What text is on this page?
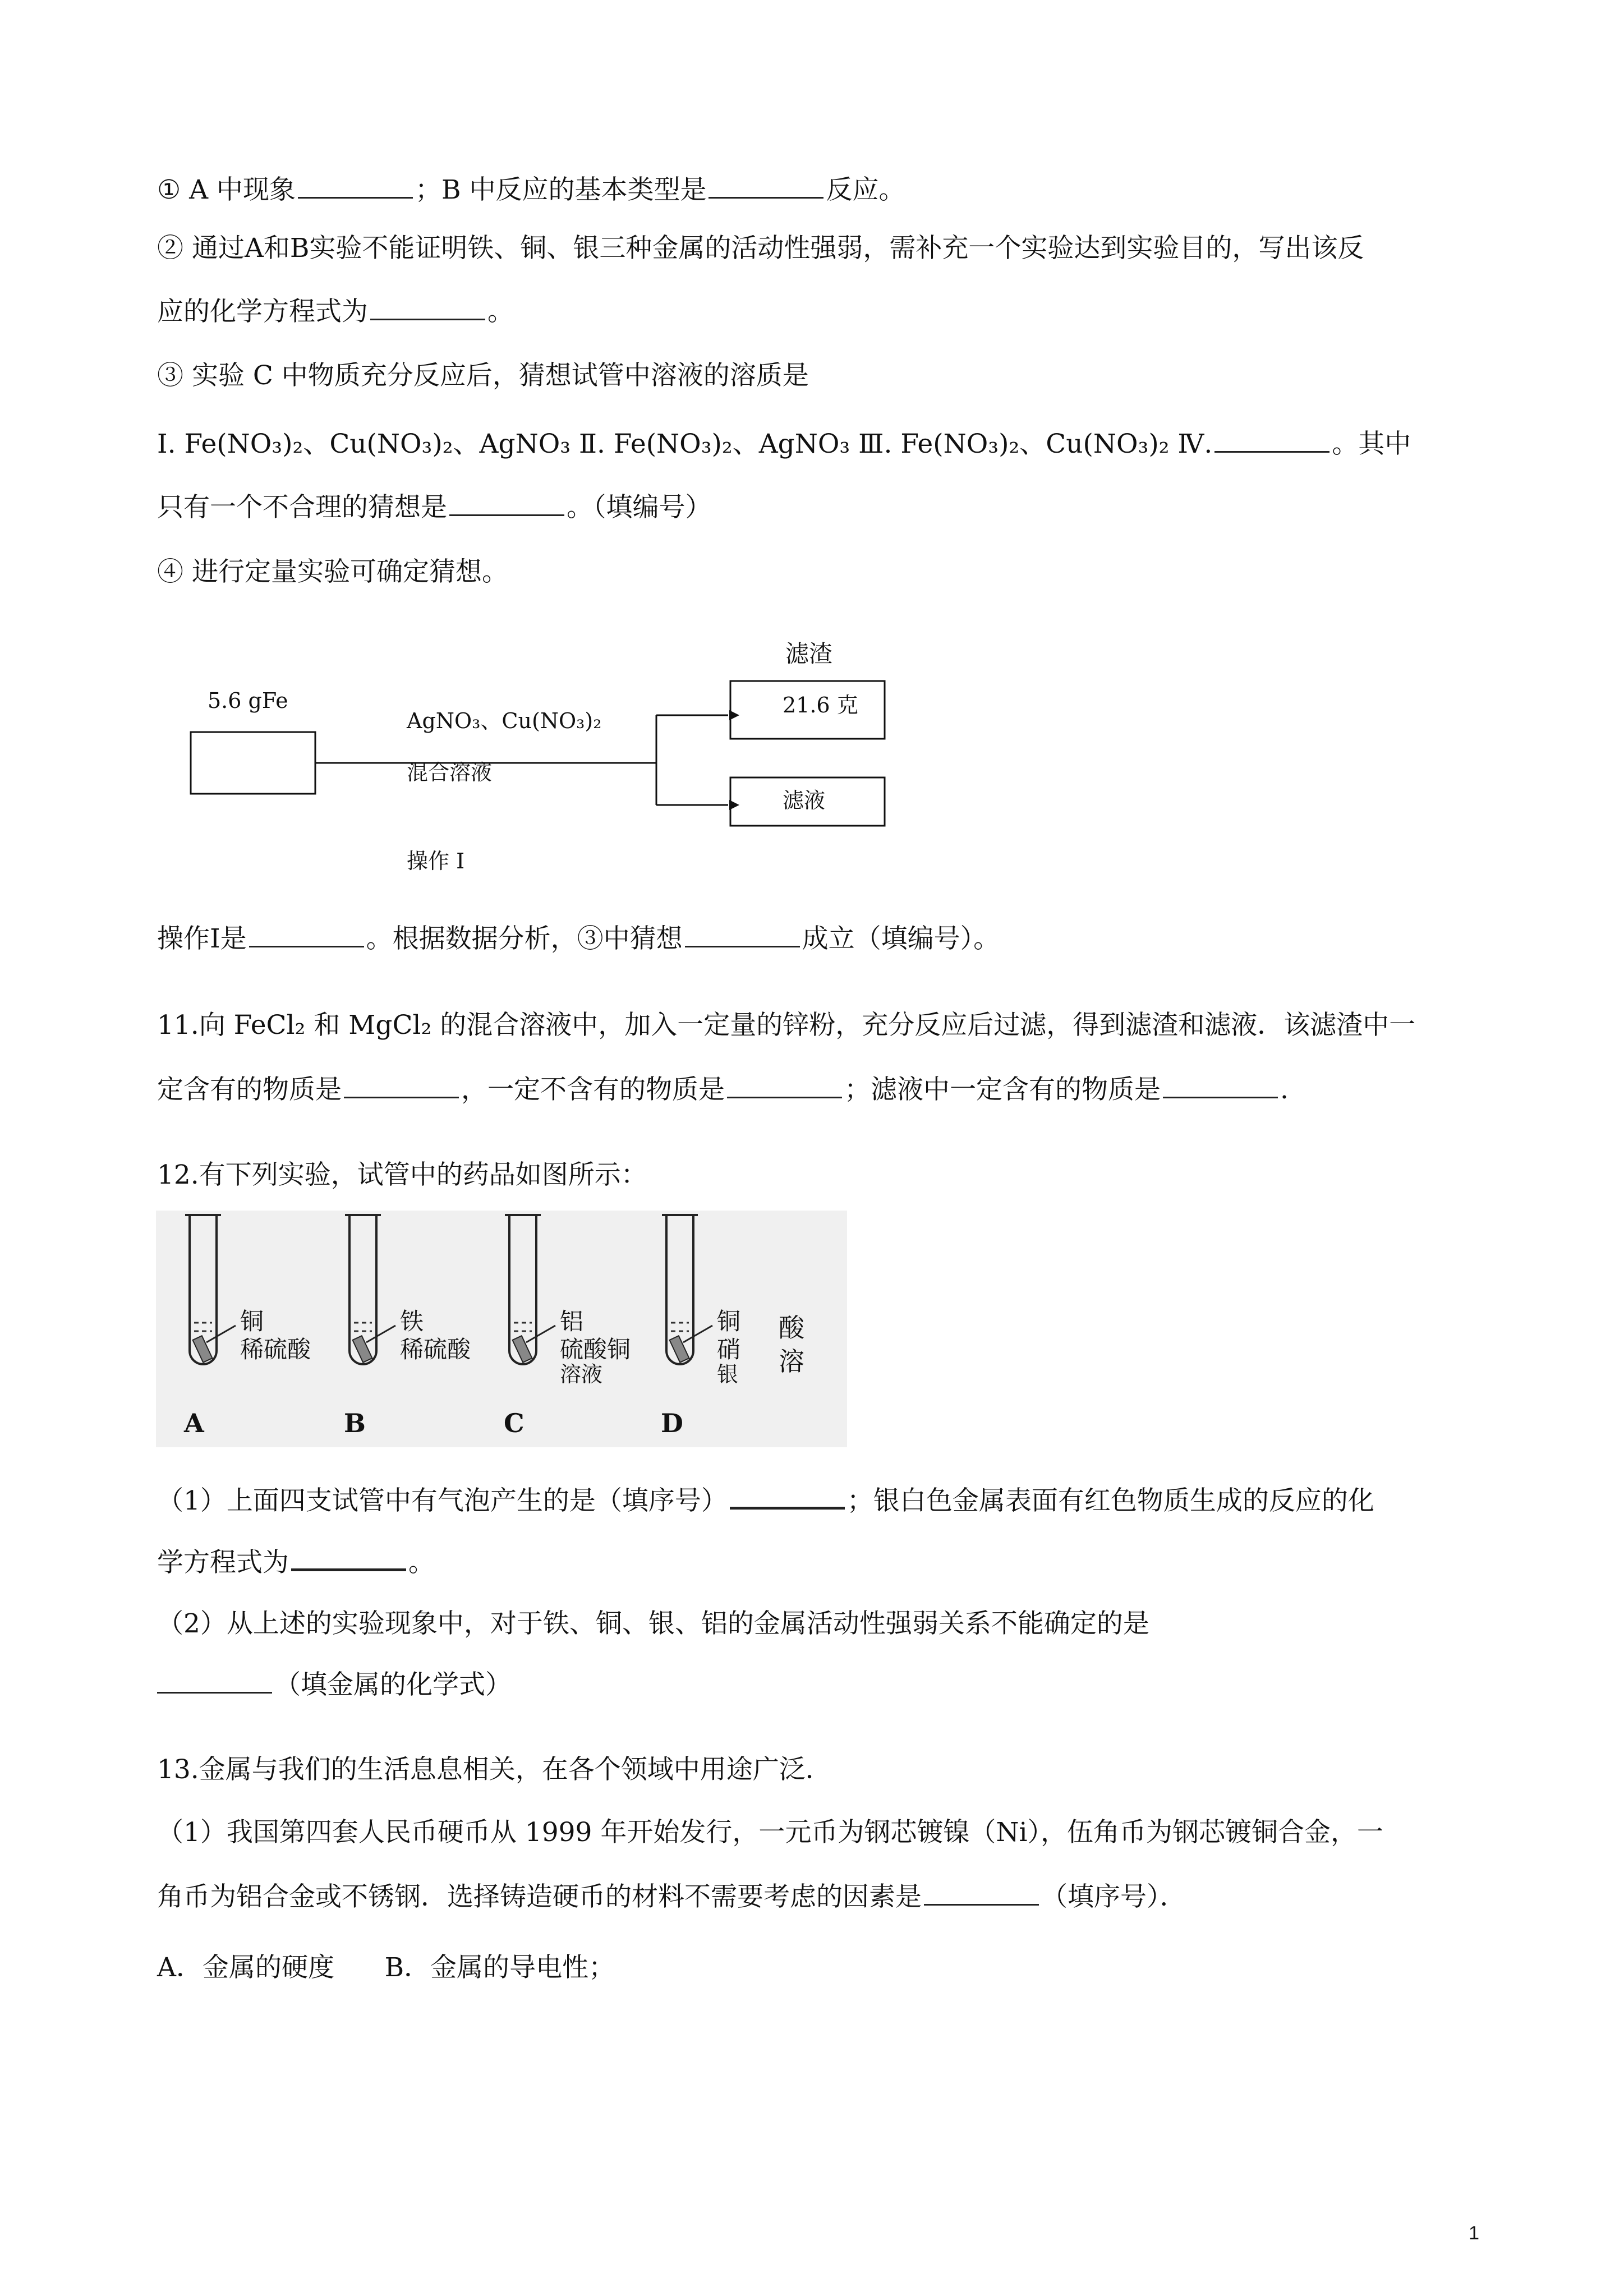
① A 中现象	；B 中反应的基本类型是	反应。
② 通过A和B实验不能证明铁、铜、银三种金属的活动性强弱，需补充一个实验达到实验目的，写出该反
应的化学方程式为	。
③ 实验 C 中物质充分反应后，猜想试管中溶液的溶质是
Ⅰ. Fe(NO₃)₂、Cu(NO₃)₂、AgNO₃ Ⅱ. Fe(NO₃)₂、AgNO₃ Ⅲ. Fe(NO₃)₂、Cu(NO₃)₂ Ⅳ.	。其中
只有一个不合理的猜想是	。（填编号）
④ 进行定量实验可确定猜想。
滤渣
5.6 gFe	21.6 克
滤液
AgNO₃、Cu(NO₃)₂
混合溶液
操作 I
操作Ⅰ是	。根据数据分析，③中猜想	成立（填编号）。
11.向 FeCl₂ 和 MgCl₂ 的混合溶液中，加入一定量的锌粉，充分反应后过滤，得到滤渣和滤液．该滤渣中一
定含有的物质是	，一定不含有的物质是	；滤液中一定含有的物质是	.
12.有下列实验，试管中的药品如图所示：
铜
稀硫酸
A
铁
稀硫酸
B
铝
硫酸铜
溶液
C
铜
硝
银
酸
溶
D
（1）上面四支试管中有气泡产生的是（填序号）	；银白色金属表面有红色物质生成的反应的化
学方程式为	。
（2）从上述的实验现象中，对于铁、铜、银、铝的金属活动性强弱关系不能确定的是
（填金属的化学式）
13.金属与我们的生活息息相关，在各个领域中用途广泛．
（1）我国第四套人民币硬币从 1999 年开始发行，一元币为钢芯镀镍（Ni），伍角币为钢芯镀铜合金，一
角币为铝合金或不锈钢．选择铸造硬币的材料不需要考虑的因素是	（填序号）．
A．金属的硬度      B．金属的导电性；
1
